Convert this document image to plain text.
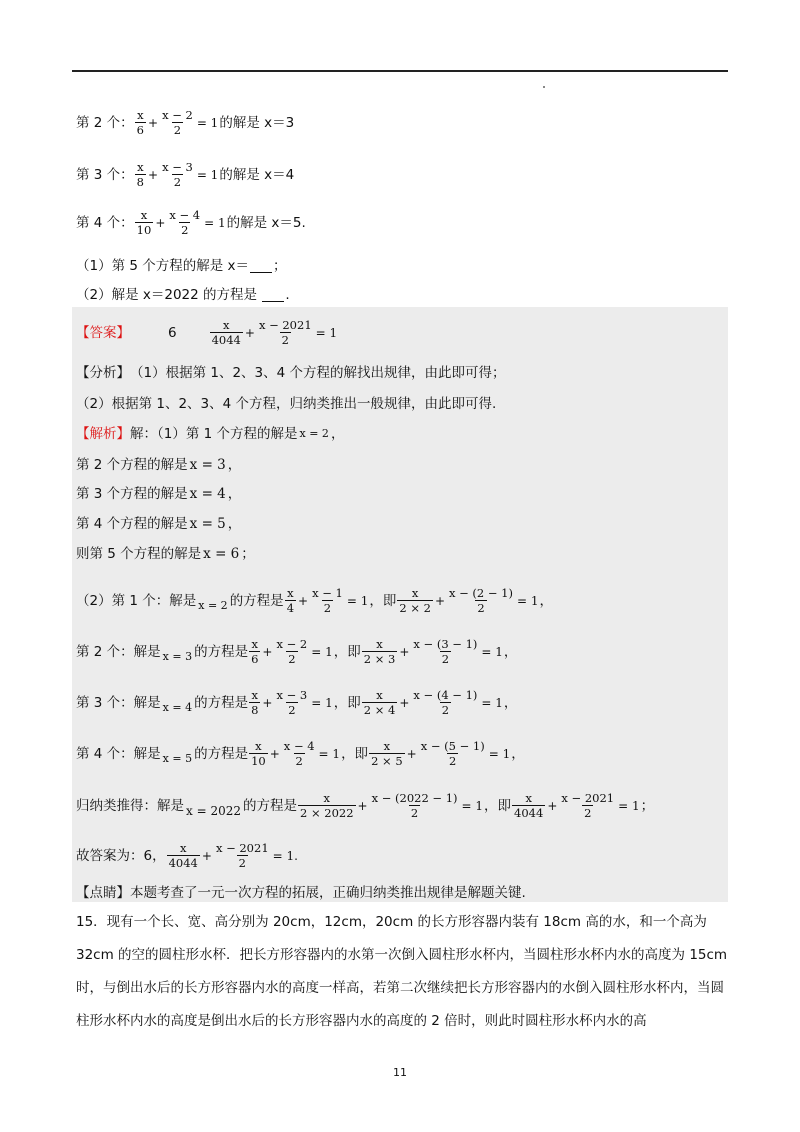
第 2 个： $\frac{x}{6} + \frac{x - 2}{2} = 1$ 的解是 x＝3
第 3 个： $\frac{x}{8} + \frac{x - 3}{2} = 1$ 的解是 x＝4
第 4 个： $\frac{x}{10} + \frac{x - 4}{2} = 1$ 的解是 x＝5.
（1）第 5 个方程的解是 x＝ ；
（2）解是 x＝2022 的方程是
.
【答案】	6	$\frac{x}{4044} + \frac{x - 2021}{2} = 1$
【分析】 （1）根据第 1、2、3、4 个方程的解找出规律，由此即可得；
（2）根据第 1、2、3、4 个方程，归纳类推出一般规律，由此即可得.
【解析】 解：（1）第 1 个方程的解是 x = 2 ，
第 2 个方程的解是 x = 3 ，
第 3 个方程的解是 x = 4 ，
第 4 个方程的解是 x = 5 ，
则第 5 个方程的解是 x = 6 ；
（2）第 1 个：解是 x = 2 的方程是 $\frac{x}{4} + \frac{x - 1}{2} = 1$ ，即 $\frac{x}{2 \times 2} + \frac{x - (2 - 1)}{2} = 1$ ，
第 2 个：解是 x = 3 的方程是 $\frac{x}{6} + \frac{x - 2}{2} = 1$ ，即 $\frac{x}{2 \times 3} + \frac{x - (3 - 1)}{2} = 1$ ，
第 3 个：解是 x = 4 的方程是 $\frac{x}{8} + \frac{x - 3}{2} = 1$ ，即 $\frac{x}{2 \times 4} + \frac{x - (4 - 1)}{2} = 1$ ，
第 4 个：解是 x = 5 的方程是 $\frac{x}{10} + \frac{x - 4}{2} = 1$ ，即 $\frac{x}{2 \times 5} + \frac{x - (5 - 1)}{2} = 1$ ，
归纳类推得：解是 x = 2022 的方程是 $\frac{x}{2 \times 2022} + \frac{x - (2022 - 1)}{2} = 1$ ，即 $\frac{x}{4044} + \frac{x - 2021}{2} = 1$ ；
故答案为：6， $\frac{x}{4044} + \frac{x - 2021}{2} = 1$.
【点睛】 本题考查了一元一次方程的拓展，正确归纳类推出规律是解题关键.
15．现有一个长、宽、高分别为 20cm，12cm，20cm 的长方形容器内装有 18cm 高的水，和一个高为 32cm 的空的圆柱形水杯．把长方形容器内的水第一次倒入圆柱形水杯内，当圆柱形水杯内水的高度为 15cm 时，与倒出水后的长方形容器内水的高度一样高，若第二次继续把长方形容器内的水倒入圆柱形水杯内，当圆柱形水杯内水的高度是倒出水后的长方形容器内水的高度的 2 倍时，则此时圆柱形水杯内水的高
11
